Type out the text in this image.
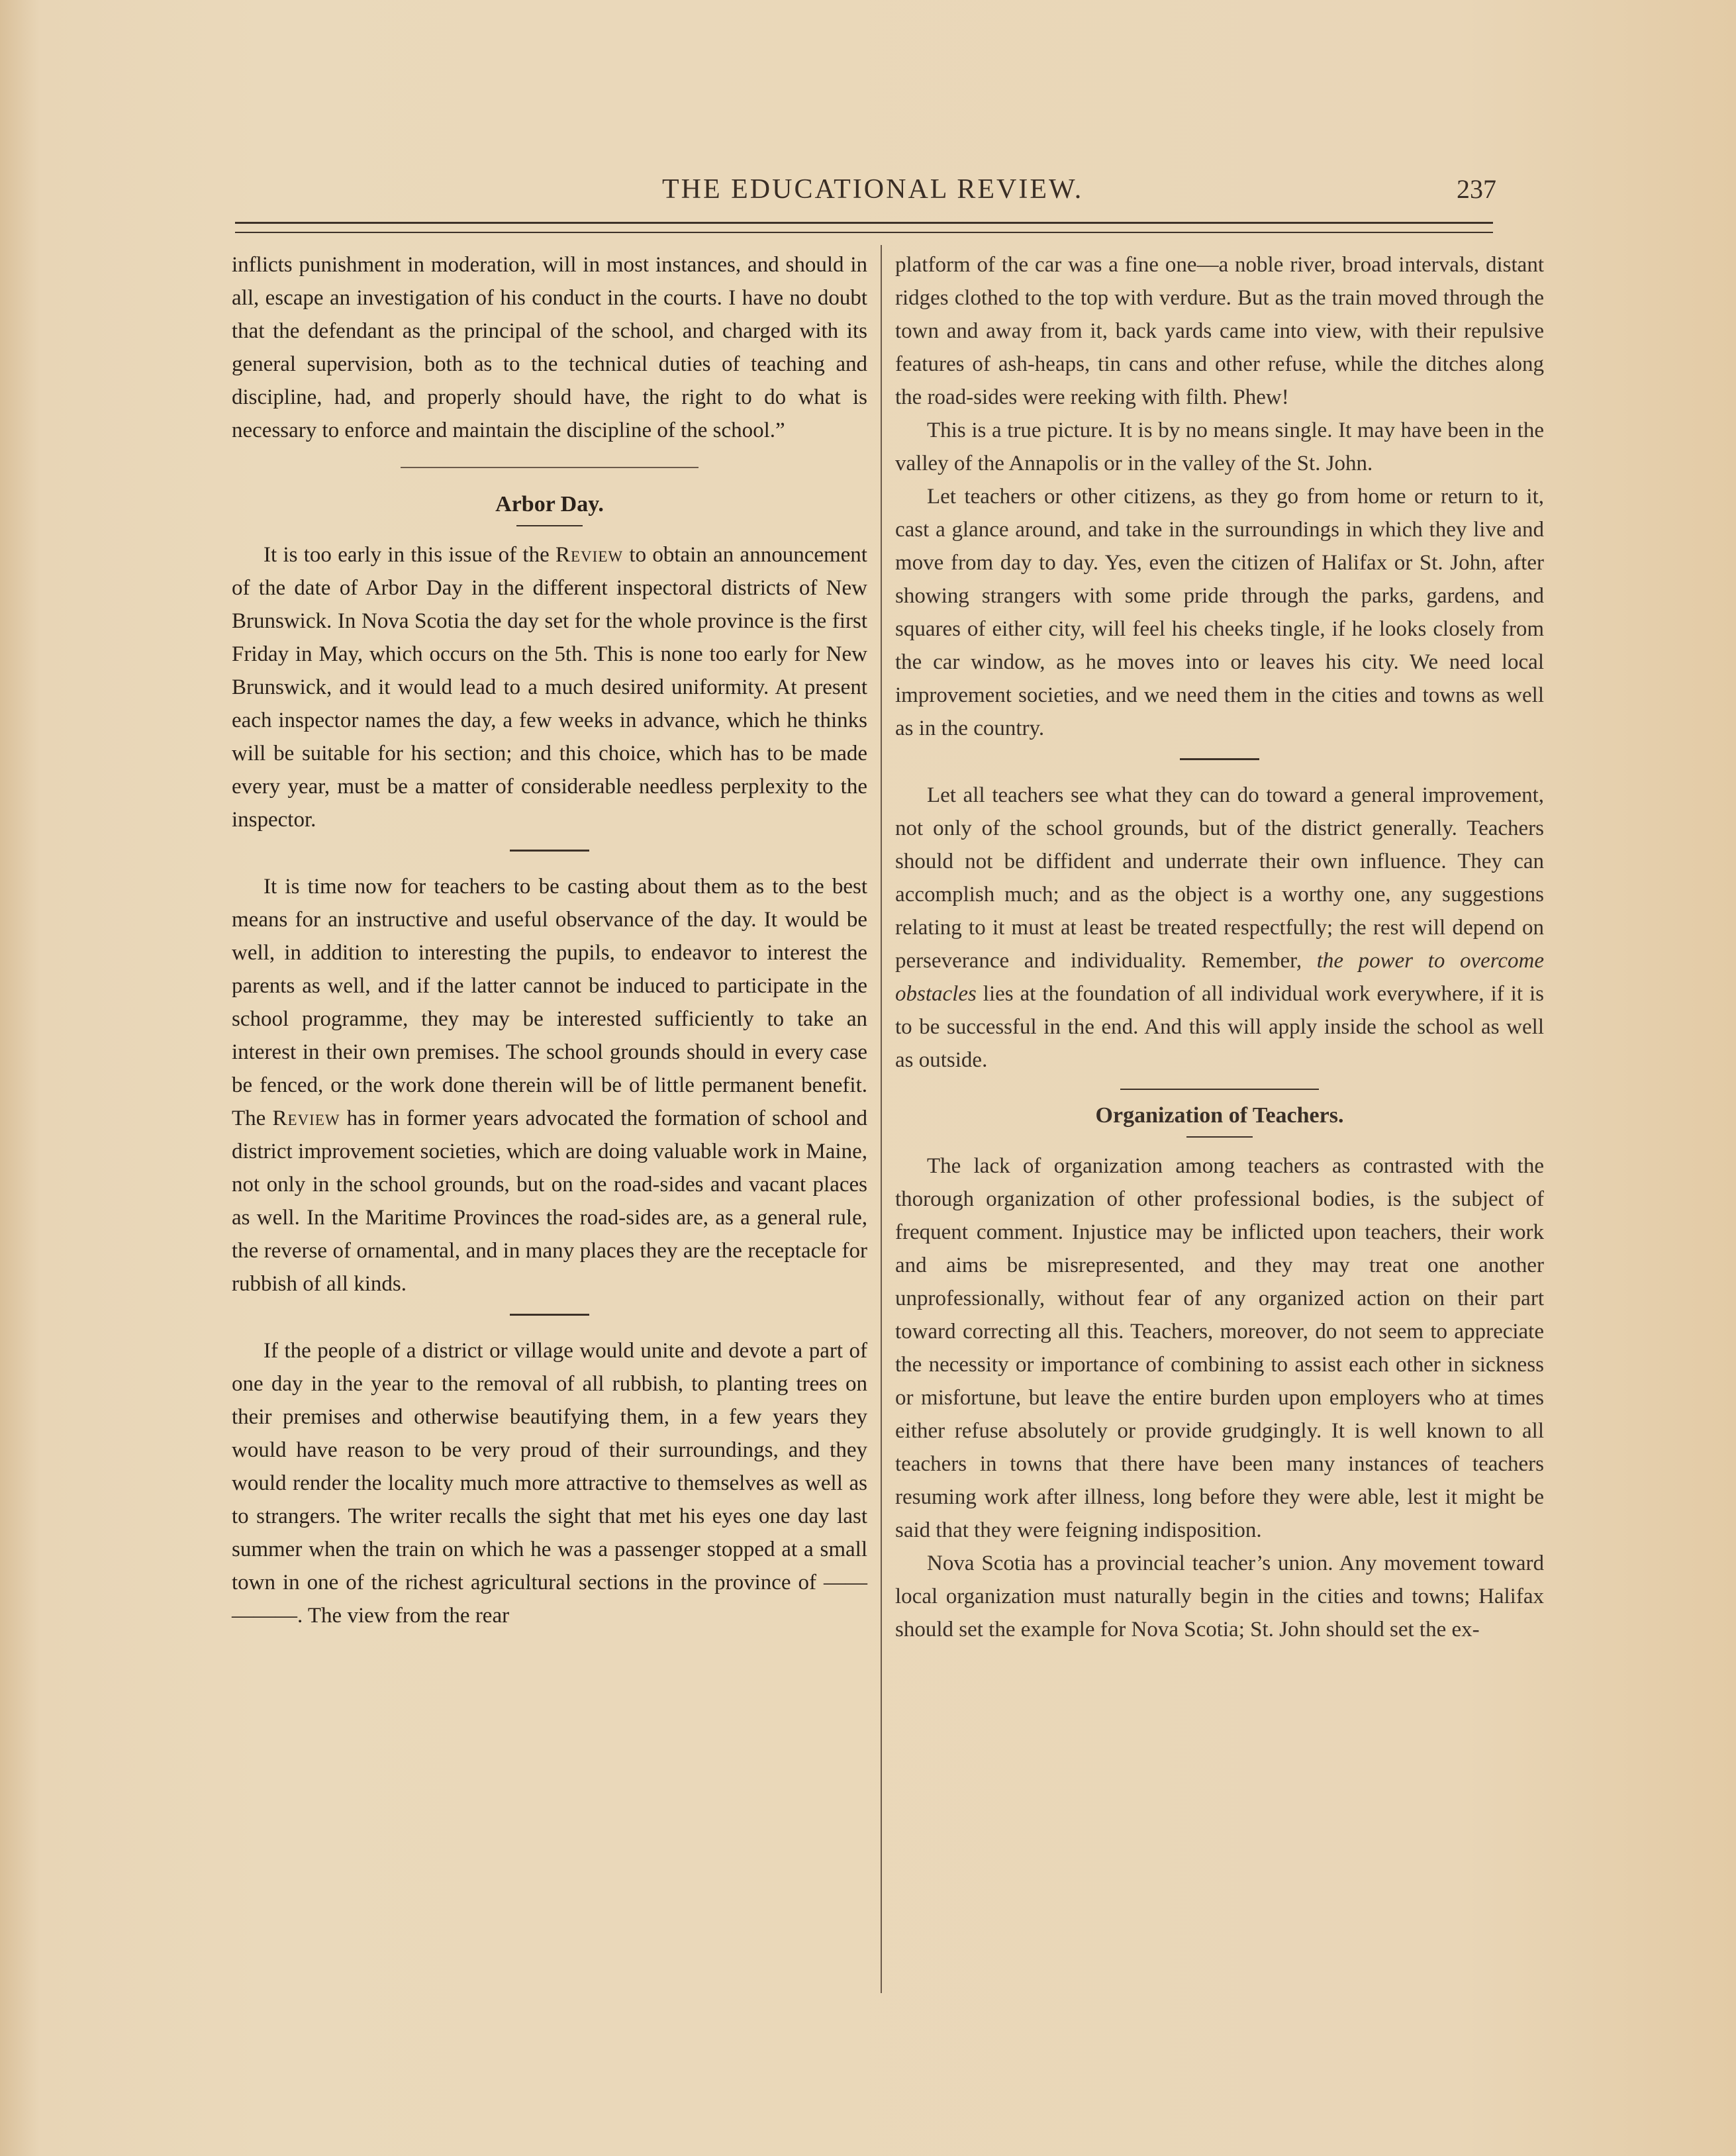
THE EDUCATIONAL REVIEW.	237

inflicts punishment in moderation, will in most instances, and should in all, escape an investigation of his conduct in the courts. I have no doubt that the defendant as the principal of the school, and charged with its general supervision, both as to the technical duties of teaching and discipline, had, and properly should have, the right to do what is necessary to enforce and maintain the discipline of the school.”

Arbor Day.

It is too early in this issue of the Review to obtain an announcement of the date of Arbor Day in the different inspectoral districts of New Brunswick. In Nova Scotia the day set for the whole province is the first Friday in May, which occurs on the 5th. This is none too early for New Brunswick, and it would lead to a much desired uniformity. At present each inspector names the day, a few weeks in advance, which he thinks will be suitable for his section; and this choice, which has to be made every year, must be a matter of considerable needless perplexity to the inspector.

It is time now for teachers to be casting about them as to the best means for an instructive and useful observance of the day. It would be well, in addition to interesting the pupils, to endeavor to interest the parents as well, and if the latter cannot be induced to participate in the school programme, they may be interested sufficiently to take an interest in their own premises. The school grounds should in every case be fenced, or the work done therein will be of little permanent benefit. The Review has in former years advocated the formation of school and district improvement societies, which are doing valuable work in Maine, not only in the school grounds, but on the road-sides and vacant places as well. In the Maritime Provinces the road-sides are, as a general rule, the reverse of ornamental, and in many places they are the receptacle for rubbish of all kinds.

If the people of a district or village would unite and devote a part of one day in the year to the removal of all rubbish, to planting trees on their premises and otherwise beautifying them, in a few years they would have reason to be very proud of their surroundings, and they would render the locality much more attractive to themselves as well as to strangers. The writer recalls the sight that met his eyes one day last summer when the train on which he was a passenger stopped at a small town in one of the richest agricultural sections in the province of —— ———. The view from the rear

platform of the car was a fine one—a noble river, broad intervals, distant ridges clothed to the top with verdure. But as the train moved through the town and away from it, back yards came into view, with their repulsive features of ash-heaps, tin cans and other refuse, while the ditches along the road-sides were reeking with filth. Phew!

This is a true picture. It is by no means single. It may have been in the valley of the Annapolis or in the valley of the St. John.

Let teachers or other citizens, as they go from home or return to it, cast a glance around, and take in the surroundings in which they live and move from day to day. Yes, even the citizen of Halifax or St. John, after showing strangers with some pride through the parks, gardens, and squares of either city, will feel his cheeks tingle, if he looks closely from the car window, as he moves into or leaves his city. We need local improvement societies, and we need them in the cities and towns as well as in the country.

Let all teachers see what they can do toward a general improvement, not only of the school grounds, but of the district generally. Teachers should not be diffident and underrate their own influence. They can accomplish much; and as the object is a worthy one, any suggestions relating to it must at least be treated respectfully; the rest will depend on perseverance and individuality. Remember, the power to overcome obstacles lies at the foundation of all individual work everywhere, if it is to be successful in the end. And this will apply inside the school as well as outside.

Organization of Teachers.

The lack of organization among teachers as contrasted with the thorough organization of other professional bodies, is the subject of frequent comment. Injustice may be inflicted upon teachers, their work and aims be misrepresented, and they may treat one another unprofessionally, without fear of any organized action on their part toward correcting all this. Teachers, moreover, do not seem to appreciate the necessity or importance of combining to assist each other in sickness or misfortune, but leave the entire burden upon employers who at times either refuse absolutely or provide grudgingly. It is well known to all teachers in towns that there have been many instances of teachers resuming work after illness, long before they were able, lest it might be said that they were feigning indisposition.

Nova Scotia has a provincial teacher’s union. Any movement toward local organization must naturally begin in the cities and towns; Halifax should set the example for Nova Scotia; St. John should set the ex-
